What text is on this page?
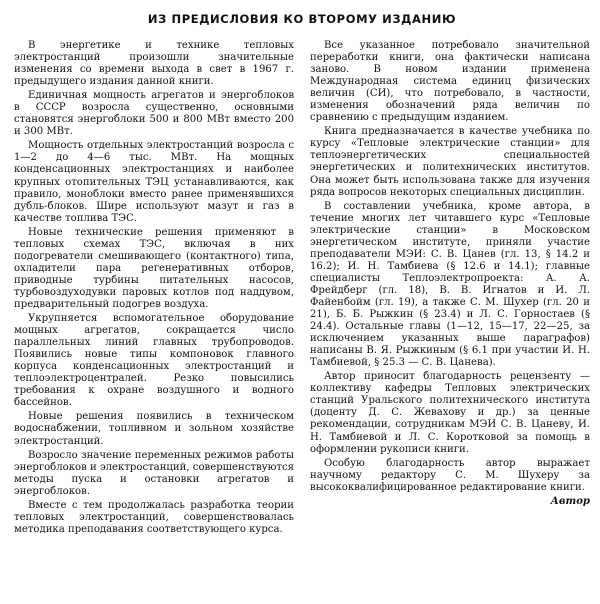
ИЗ ПРЕДИСЛОВИЯ КО ВТОРОМУ ИЗДАНИЮ

В энергетике и технике тепловых электростанций произошли значительные изменения со времени выхода в свет в 1967 г. предыдущего издания данной книги.

Единичная мощность агрегатов и энергоблоков в СССР возросла существенно, основными становятся энергоблоки 500 и 800 МВт вместо 200 и 300 МВт.

Мощность отдельных электростанций возросла с 1—2 до 4—6 тыс. МВт. На мощных конденсационных электростанциях и наиболее крупных отопительных ТЭЦ устанавливаются, как правило, моноблоки вместо ранее применявшихся дубль-блоков. Шире используют мазут и газ в качестве топлива ТЭС.

Новые технические решения применяют в тепловых схемах ТЭС, включая в них подогреватели смешивающего (контактного) типа, охладители пара регенеративных отборов, приводные турбины питательных насосов, турбовоздуходувки паровых котлов под наддувом, предварительный подогрев воздуха.

Укрупняется вспомогательное оборудование мощных агрегатов, сокращается число параллельных линий главных трубопроводов. Появились новые типы компоновок главного корпуса конденсационных электростанций и теплоэлектроцентралей. Резко повысились требования к охране воздушного и водного бассейнов.

Новые решения появились в техническом водоснабжении, топливном и зольном хозяйстве электростанций.

Возросло значение переменных режимов работы энергоблоков и электростанций, совершенствуются методы пуска и остановки агрегатов и энергоблоков.

Вместе с тем продолжалась разработка теории тепловых электростанций, совершенствовалась методика преподавания соответствующего курса.

Все указанное потребовало значительной переработки книги, она фактически написана заново. В новом издании применена Международная система единиц физических величин (СИ), что потребовало, в частности, изменения обозначений ряда величин по сравнению с предыдущим изданием.

Книга предназначается в качестве учебника по курсу «Тепловые электрические станции» для теплоэнергетических специальностей энергетических и политехнических институтов. Она может быть использована также для изучения ряда вопросов некоторых специальных дисциплин.

В составлении учебника, кроме автора, в течение многих лет читавшего курс «Тепловые электрические станции» в Московском энергетическом институте, приняли участие преподаватели МЭИ: С. В. Цанев (гл. 13, § 14.2 и 16.2); И. Н. Тамбиева (§ 12.6 и 14.1); главные специалисты Теплоэлектропроекта: А. А. Фрейдберг (гл. 18), В. В. Игнатов и И. Л. Файенбойм (гл. 19), а также С. М. Шухер (гл. 20 и 21), Б. Б. Рыжкин (§ 23.4) и Л. С. Горностаев (§ 24.4). Остальные главы (1—12, 15—17, 22—25, за исключением указанных выше параграфов) написаны В. Я. Рыжкиным (§ 6.1 при участии И. Н. Тамбиевой, § 25.3 — С. В. Цанева).

Автор приносит благодарность рецензенту — коллективу кафедры Тепловых электрических станций Уральского политехнического института (доценту Д. С. Жевахову и др.) за ценные рекомендации, сотрудникам МЭИ С. В. Цаневу, И. Н. Тамбиевой и Л. С. Коротковой за помощь в оформлении рукописи книги.

Особую благодарность автор выражает научному редактору С. М. Шухеру за высококвалифицированное редактирование книги.

Автор
